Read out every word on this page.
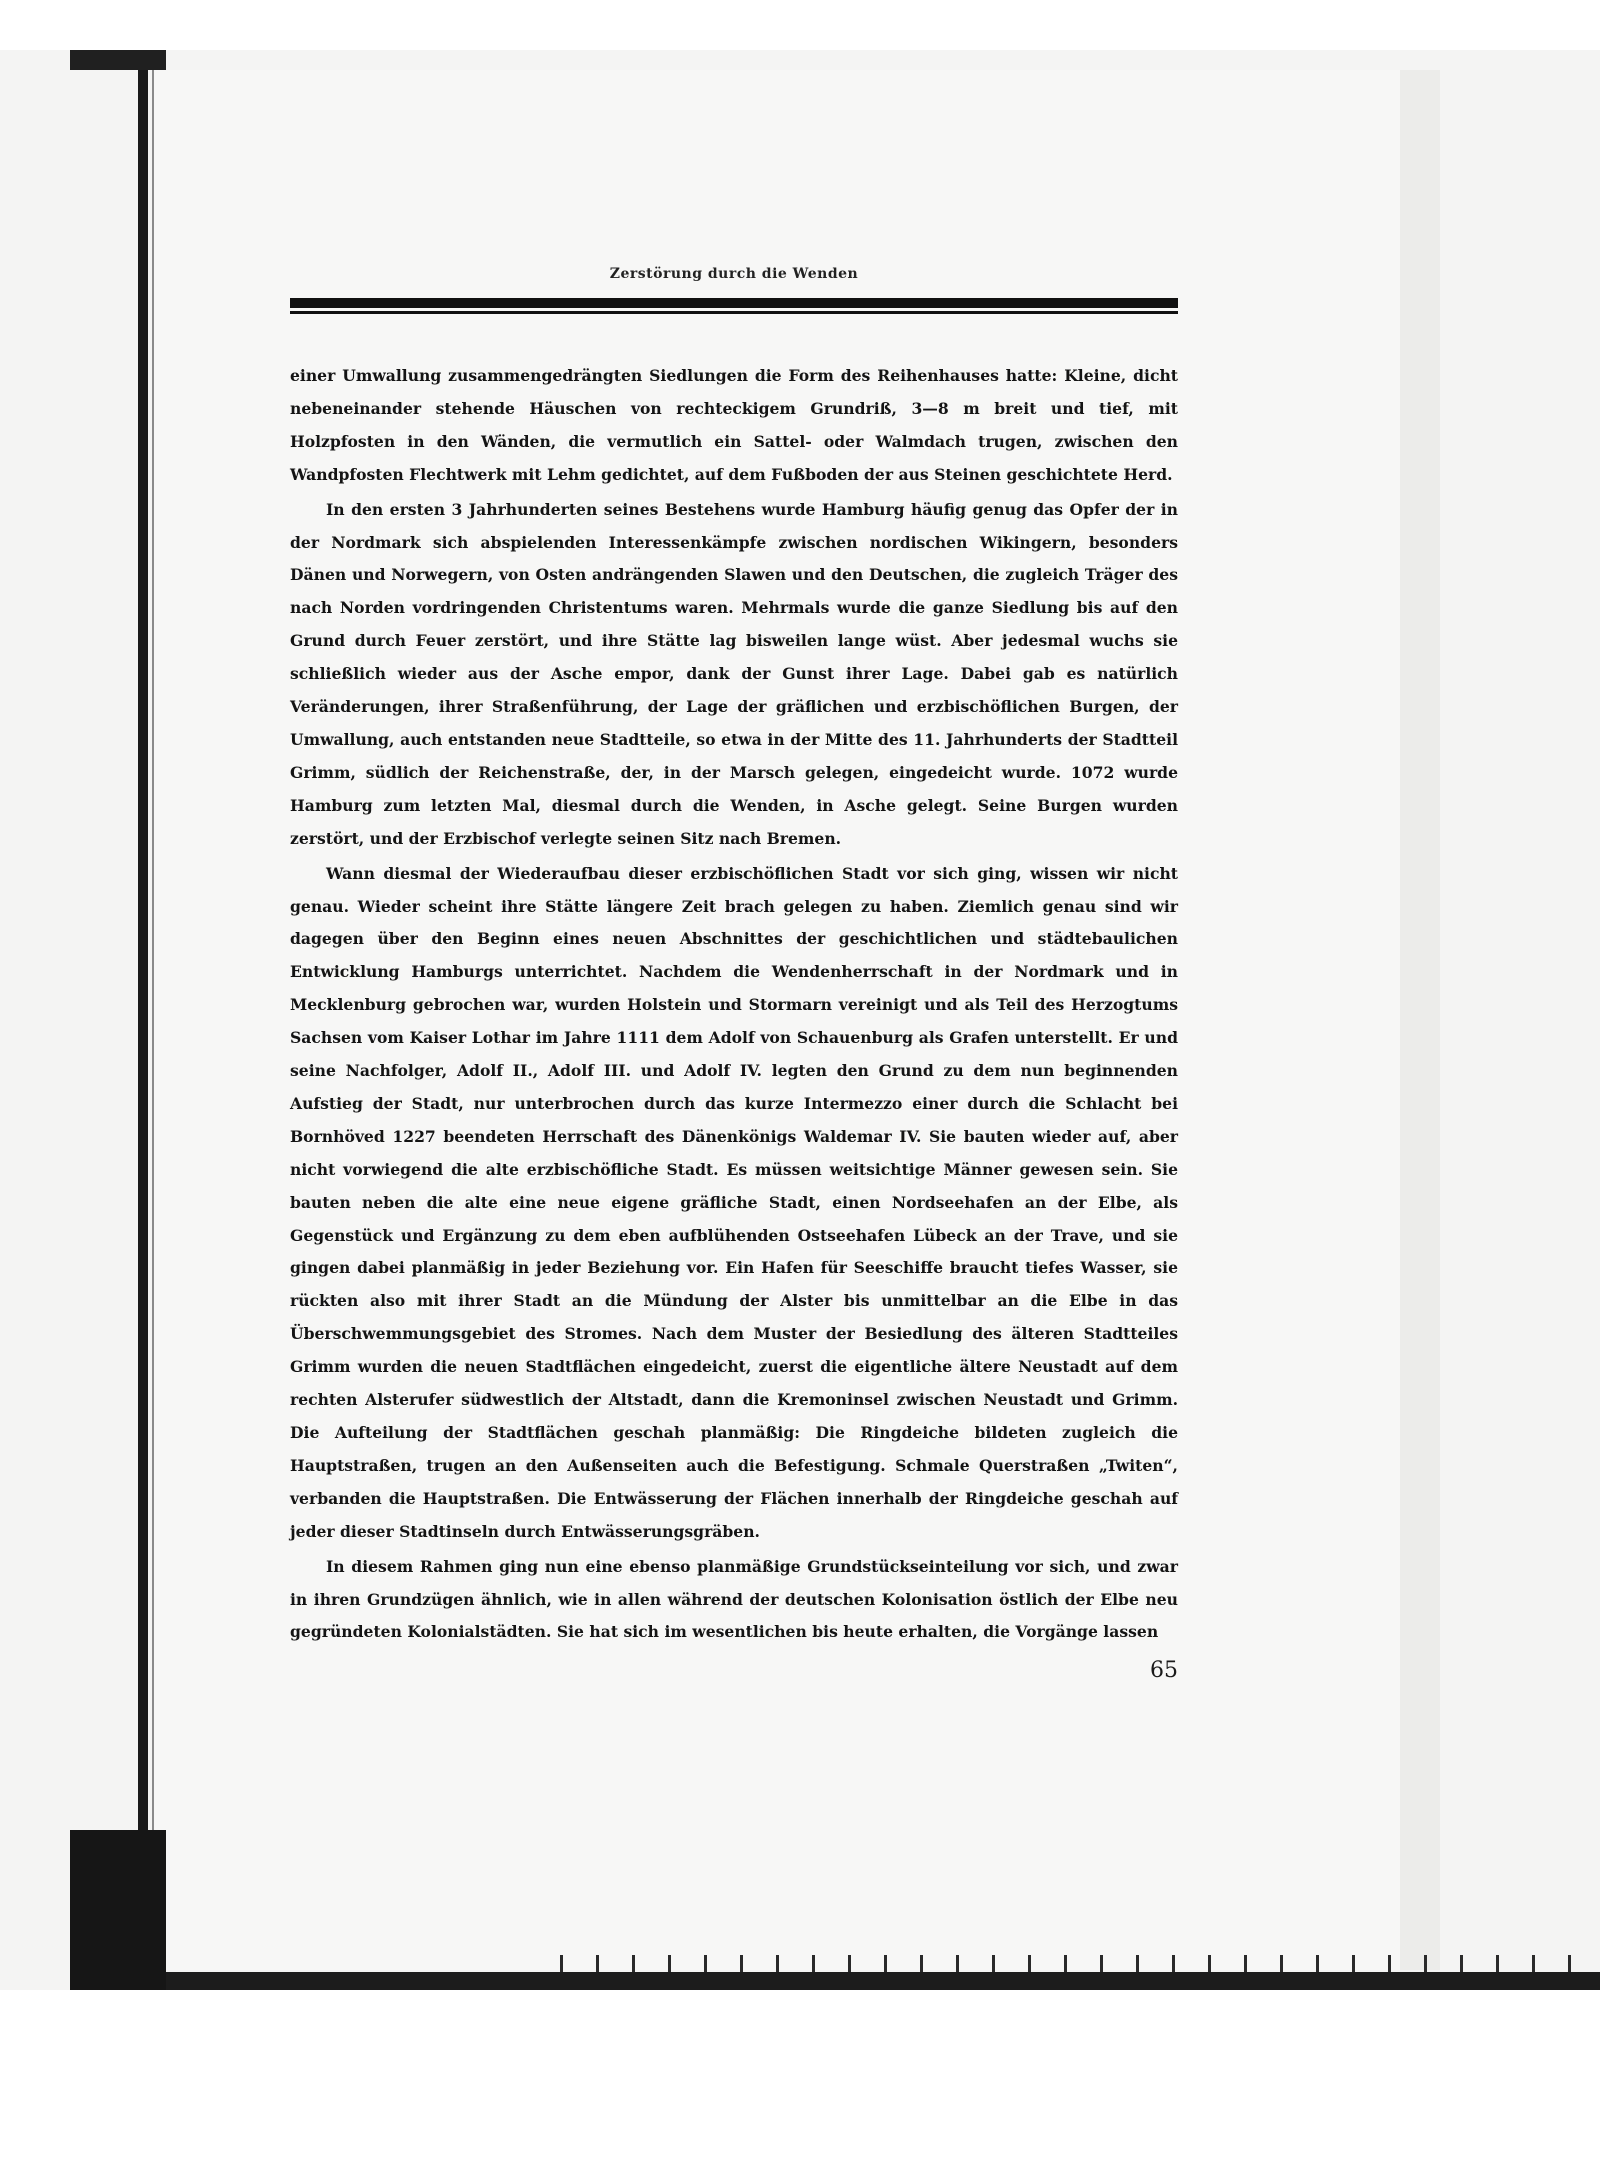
Zerstörung durch die Wenden

einer Umwallung zusammengedrängten Siedlungen die Form des Reihenhauses hatte: Kleine, dicht nebeneinander stehende Häuschen von rechteckigem Grundriß, 3—8 m breit und tief, mit Holzpfosten in den Wänden, die vermutlich ein Sattel- oder Walmdach trugen, zwischen den Wandpfosten Flechtwerk mit Lehm gedichtet, auf dem Fußboden der aus Steinen geschichtete Herd.

In den ersten 3 Jahrhunderten seines Bestehens wurde Hamburg häufig genug das Opfer der in der Nordmark sich abspielenden Interessenkämpfe zwischen nordischen Wikingern, besonders Dänen und Norwegern, von Osten andrängenden Slawen und den Deutschen, die zugleich Träger des nach Norden vordringenden Christentums waren. Mehrmals wurde die ganze Siedlung bis auf den Grund durch Feuer zerstört, und ihre Stätte lag bisweilen lange wüst. Aber jedesmal wuchs sie schließlich wieder aus der Asche empor, dank der Gunst ihrer Lage. Dabei gab es natürlich Veränderungen, ihrer Straßenführung, der Lage der gräflichen und erzbischöflichen Burgen, der Umwallung, auch entstanden neue Stadtteile, so etwa in der Mitte des 11. Jahrhunderts der Stadtteil Grimm, südlich der Reichenstraße, der, in der Marsch gelegen, eingedeicht wurde. 1072 wurde Hamburg zum letzten Mal, diesmal durch die Wenden, in Asche gelegt. Seine Burgen wurden zerstört, und der Erzbischof verlegte seinen Sitz nach Bremen.

Wann diesmal der Wiederaufbau dieser erzbischöflichen Stadt vor sich ging, wissen wir nicht genau. Wieder scheint ihre Stätte längere Zeit brach gelegen zu haben. Ziemlich genau sind wir dagegen über den Beginn eines neuen Abschnittes der geschichtlichen und städtebaulichen Entwicklung Hamburgs unterrichtet. Nachdem die Wendenherrschaft in der Nordmark und in Mecklenburg gebrochen war, wurden Holstein und Stormarn vereinigt und als Teil des Herzogtums Sachsen vom Kaiser Lothar im Jahre 1111 dem Adolf von Schauenburg als Grafen unterstellt. Er und seine Nachfolger, Adolf II., Adolf III. und Adolf IV. legten den Grund zu dem nun beginnenden Aufstieg der Stadt, nur unterbrochen durch das kurze Intermezzo einer durch die Schlacht bei Bornhöved 1227 beendeten Herrschaft des Dänenkönigs Waldemar IV. Sie bauten wieder auf, aber nicht vorwiegend die alte erzbischöfliche Stadt. Es müssen weitsichtige Männer gewesen sein. Sie bauten neben die alte eine neue eigene gräfliche Stadt, einen Nordseehafen an der Elbe, als Gegenstück und Ergänzung zu dem eben aufblühenden Ostseehafen Lübeck an der Trave, und sie gingen dabei planmäßig in jeder Beziehung vor. Ein Hafen für Seeschiffe braucht tiefes Wasser, sie rückten also mit ihrer Stadt an die Mündung der Alster bis unmittelbar an die Elbe in das Überschwemmungsgebiet des Stromes. Nach dem Muster der Besiedlung des älteren Stadtteiles Grimm wurden die neuen Stadtflächen eingedeicht, zuerst die eigentliche ältere Neustadt auf dem rechten Alsterufer südwestlich der Altstadt, dann die Kremoninsel zwischen Neustadt und Grimm. Die Aufteilung der Stadtflächen geschah planmäßig: Die Ringdeiche bildeten zugleich die Hauptstraßen, trugen an den Außenseiten auch die Befestigung. Schmale Querstraßen „Twiten“, verbanden die Hauptstraßen. Die Entwässerung der Flächen innerhalb der Ringdeiche geschah auf jeder dieser Stadtinseln durch Entwässerungsgräben.

In diesem Rahmen ging nun eine ebenso planmäßige Grundstückseinteilung vor sich, und zwar in ihren Grundzügen ähnlich, wie in allen während der deutschen Kolonisation östlich der Elbe neu gegründeten Kolonialstädten. Sie hat sich im wesentlichen bis heute erhalten, die Vorgänge lassen

65
